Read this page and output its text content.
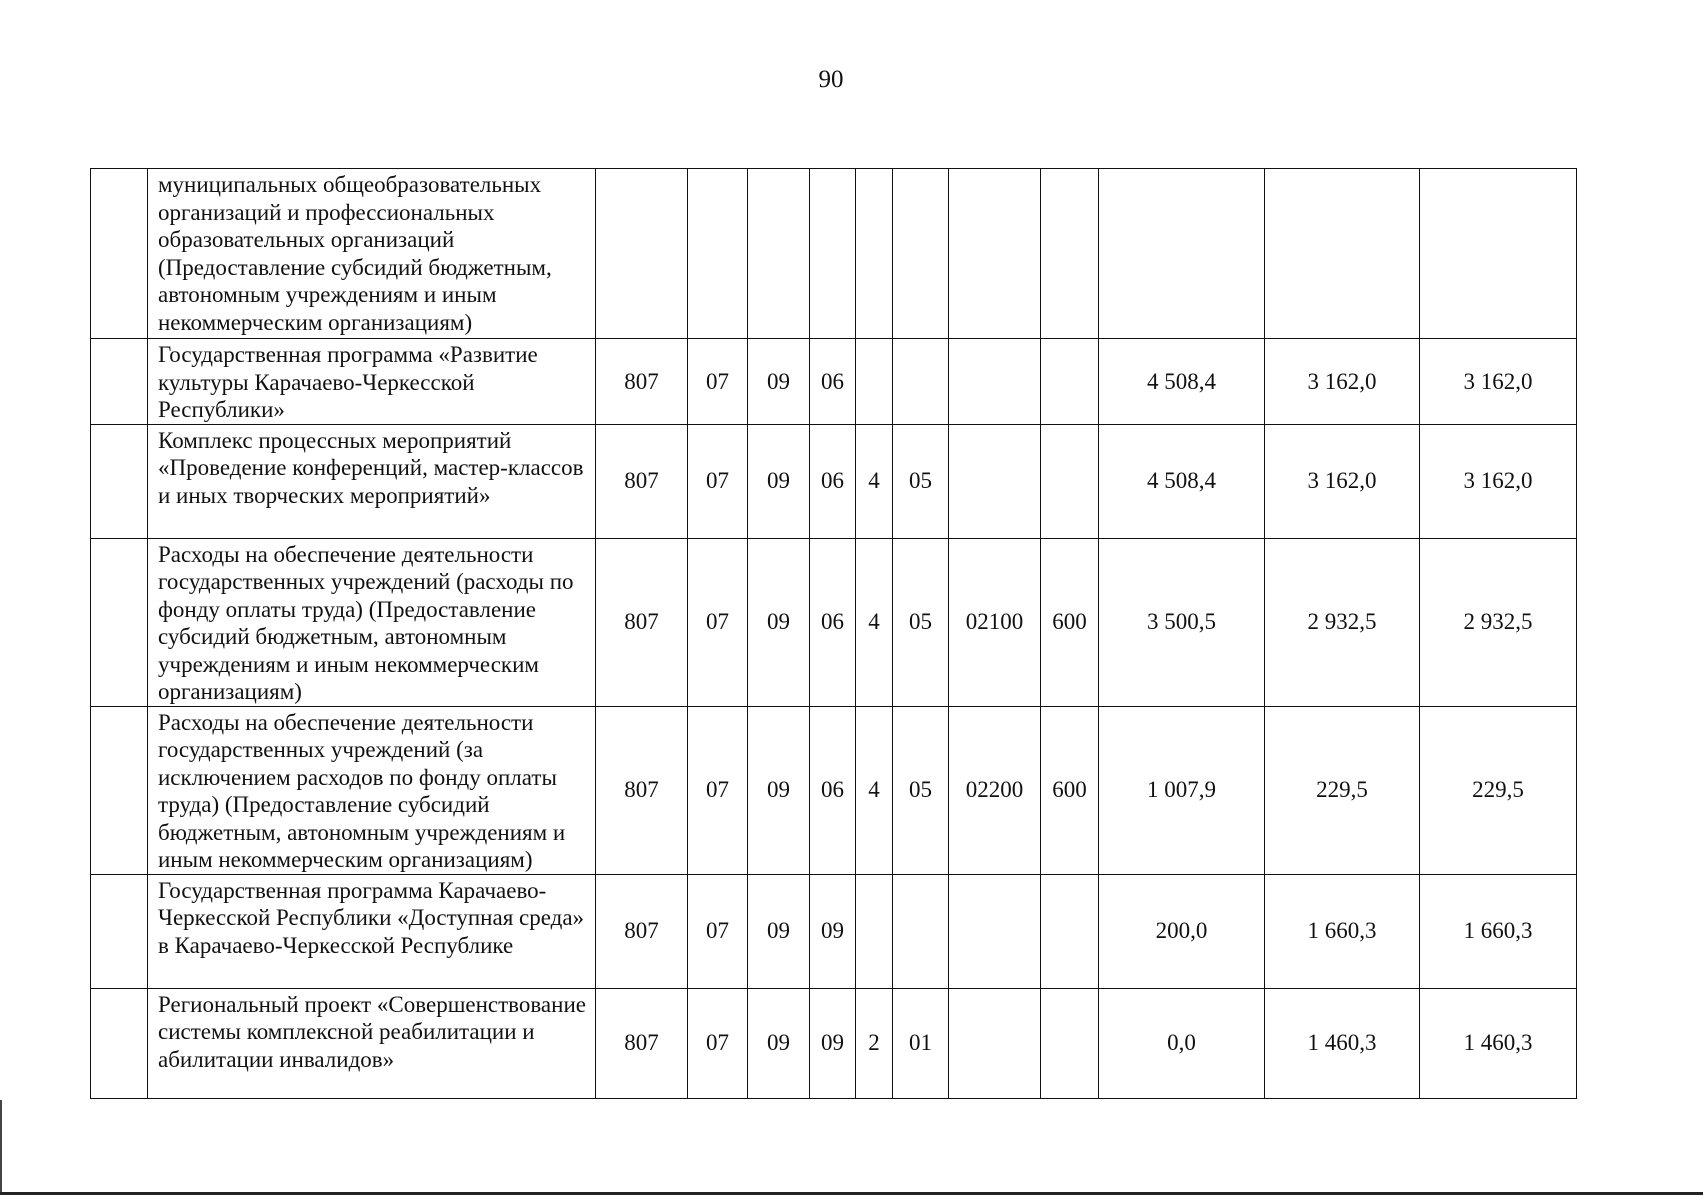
90
	муниципальных общеобразовательных организаций и профессиональных образовательных организаций (Предоставление субсидий бюджетным, автономным учреждениям и иным некоммерческим организациям)											
	Государственная программа «Развитие культуры Карачаево-Черкесской Республики»	807	07	09	06					4 508,4	3 162,0	3 162,0
	Комплекс процессных мероприятий «Проведение конференций, мастер-классов и иных творческих мероприятий»	807	07	09	06	4	05			4 508,4	3 162,0	3 162,0
	Расходы на обеспечение деятельности государственных учреждений (расходы по фонду оплаты труда) (Предоставление субсидий бюджетным, автономным учреждениям и иным некоммерческим организациям)	807	07	09	06	4	05	02100	600	3 500,5	2 932,5	2 932,5
	Расходы на обеспечение деятельности государственных учреждений (за исключением расходов по фонду оплаты труда) (Предоставление субсидий бюджетным, автономным учреждениям и иным некоммерческим организациям)	807	07	09	06	4	05	02200	600	1 007,9	229,5	229,5
	Государственная программа Карачаево-Черкесской Республики «Доступная среда» в Карачаево-Черкесской Республике	807	07	09	09					200,0	1 660,3	1 660,3
	Региональный проект «Совершенствование системы комплексной реабилитации и абилитации инвалидов»	807	07	09	09	2	01			0,0	1 460,3	1 460,3
